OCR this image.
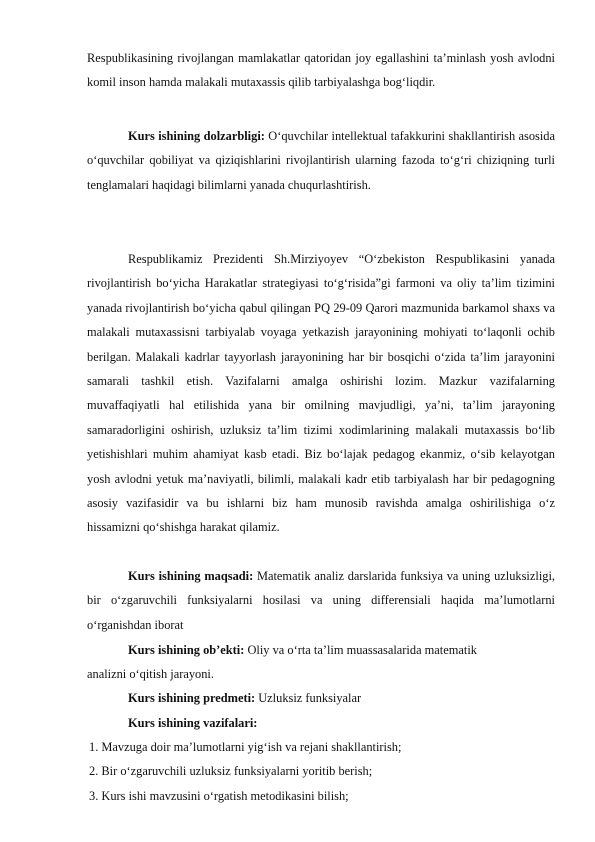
Respublikasining rivojlangan mamlakatlar qatoridan joy egallashini ta’minlash yosh avlodni komil inson hamda malakali mutaxassis qilib tarbiyalashga bog‘liqdir.

Kurs ishining dolzarbligi: O‘quvchilar intellektual tafakkurini shakllantirish asosida o‘quvchilar qobiliyat va qiziqishlarini rivojlantirish ularning fazoda to‘g‘ri chiziqning turli tenglamalari haqidagi bilimlarni yanada chuqurlashtirish.

Respublikamiz Prezidenti Sh.Mirziyoyev “O‘zbekiston Respublikasini yanada rivojlantirish bo‘yicha Harakatlar strategiyasi to‘g‘risida”gi farmoni va oliy ta’lim tizimini yanada rivojlantirish bo‘yicha qabul qilingan PQ 29-09 Qarori mazmunida barkamol shaxs va malakali mutaxassisni tarbiyalab voyaga yetkazish jarayonining mohiyati to‘laqonli ochib berilgan. Malakali kadrlar tayyorlash jarayonining har bir bosqichi o‘zida ta’lim jarayonini samarali tashkil etish. Vazifalarni amalga oshirishi lozim. Mazkur vazifalarning muvaffaqiyatli hal etilishida yana bir omilning mavjudligi, ya’ni, ta’lim jarayoning samaradorligini oshirish, uzluksiz ta’lim tizimi xodimlarining malakali mutaxassis bo‘lib yetishishlari muhim ahamiyat kasb etadi. Biz bo‘lajak pedagog ekanmiz, o‘sib kelayotgan yosh avlodni yetuk ma’naviyatli, bilimli, malakali kadr etib tarbiyalash har bir pedagogning asosiy vazifasidir va bu ishlarni biz ham munosib ravishda amalga oshirilishiga o‘z hissamizni qo‘shishga harakat qilamiz.

Kurs ishining maqsadi: Matematik analiz darslarida funksiya va uning uzluksizligi, bir o‘zgaruvchili funksiyalarni hosilasi va uning differensiali haqida ma’lumotlarni o‘rganishdan iborat

Kurs ishining ob’ekti: Oliy va o‘rta ta’lim muassasalarida matematik

analizni o‘qitish jarayoni.

Kurs ishining predmeti: Uzluksiz funksiyalar

Kurs ishining vazifalari:

1. Mavzuga doir ma’lumotlarni yig‘ish va rejani shakllantirish;

2. Bir o‘zgaruvchili uzluksiz funksiyalarni yoritib berish;

3. Kurs ishi mavzusini o‘rgatish metodikasini bilish;
